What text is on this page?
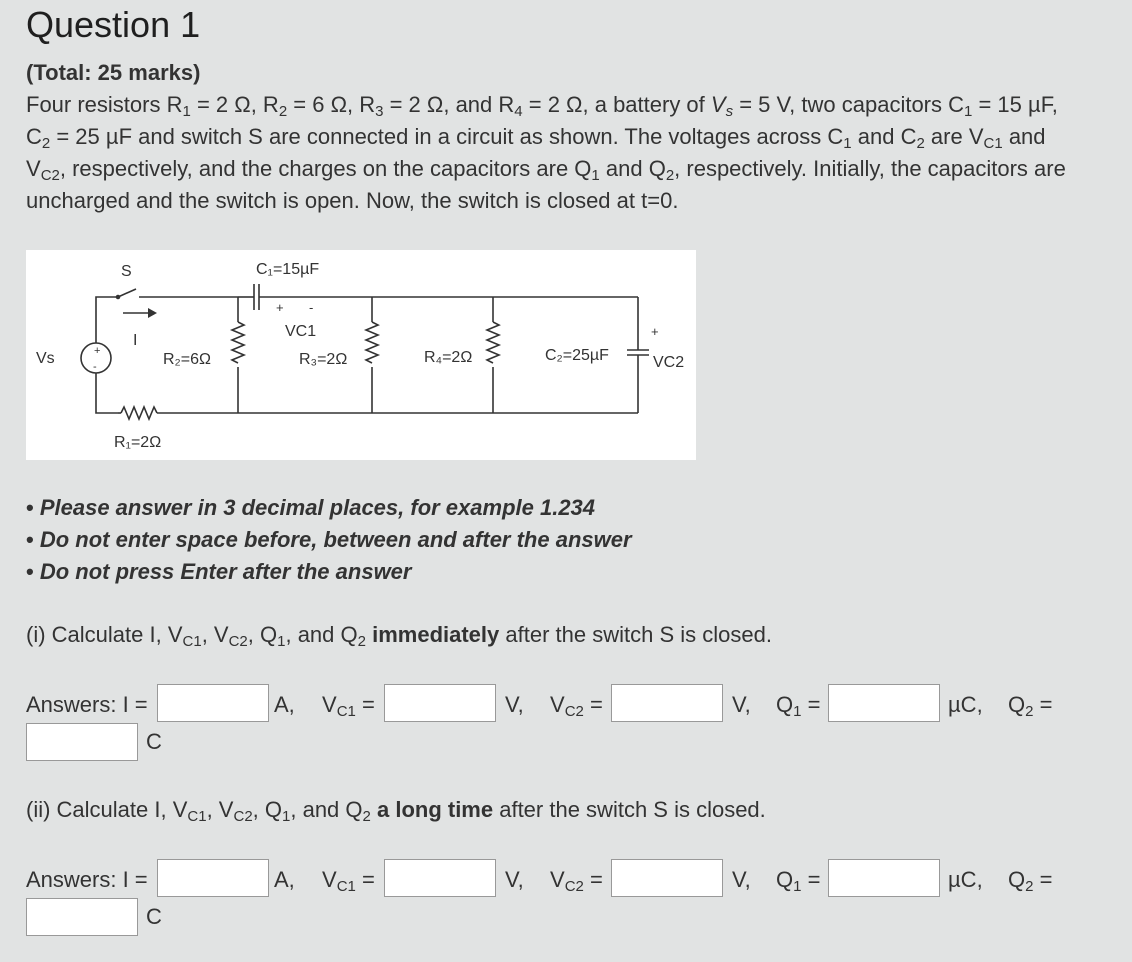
Question 1
(Total: 25 marks)
Four resistors $R_1 = 2$ Ω, $R_2 = 6$ Ω, $R_3 = 2$ Ω, and $R_4 = 2$ Ω, a battery of $V_s = 5$ V, two capacitors $C_1 = 15$ µF,
$C_2 = 25$ µF and switch S are connected in a circuit as shown. The voltages across $C_1$ and $C_2$ are $V_{C1}$ and
$V_{C2}$, respectively, and the charges on the capacitors are $Q_1$ and $Q_2$, respectively. Initially, the capacitors are
uncharged and the switch is open. Now, the switch is closed at t=0.
+
-
Vs
S
I
R₁=2Ω
C₁=15µF
+ -
VC1
R₂=6Ω	R₃=2Ω	R₄=2Ω	C₂=25µF
+
VC2
• Please answer in 3 decimal places, for example 1.234
• Do not enter space before, between and after the answer
• Do not press Enter after the answer
(i) Calculate I, $V_{C1}$, $V_{C2}$, $Q_1$, and $Q_2$ immediately after the switch S is closed.
Answers: I =	A, $V_{C1}$ =	V, $V_{C2}$ =	V, $Q_1$ =	µC, $Q_2$ =
C
(ii) Calculate I, $V_{C1}$, $V_{C2}$, $Q_1$, and $Q_2$ a long time after the switch S is closed.
Answers: I =	A, $V_{C1}$ =	V, $V_{C2}$ =	V, $Q_1$ =	µC, $Q_2$ =
C
